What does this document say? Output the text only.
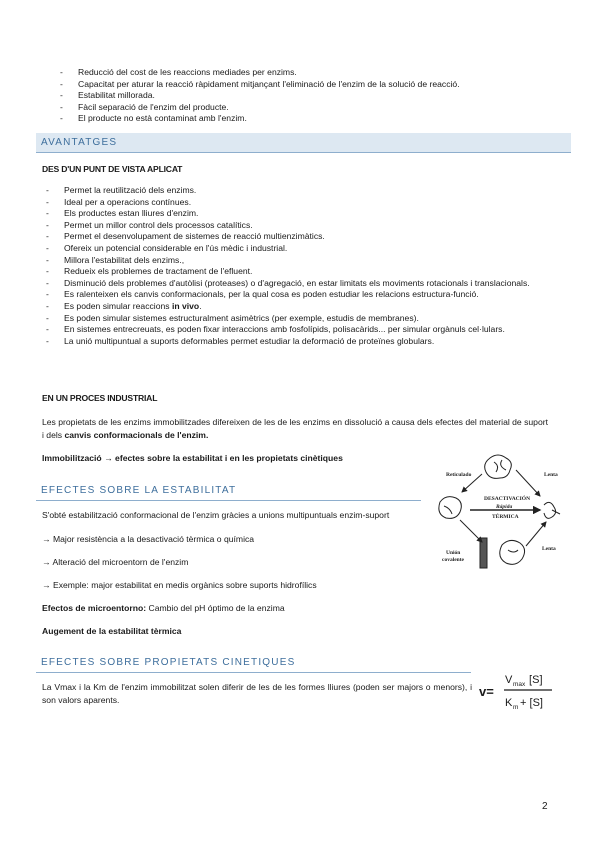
- Reducció del cost de les reaccions mediades per enzims.
- Capacitat per aturar la reacció ràpidament mitjançant l'eliminació de l'enzim de la solució de reacció.
- Estabilitat millorada.
- Fàcil separació de l'enzim del producte.
- El producte no està contaminat amb l'enzim.
AVANTATGES
DES D'UN PUNT DE VISTA APLICAT
- Permet la reutilització dels enzims.
- Ideal per a operacions contínues.
- Els productes estan lliures d'enzim.
- Permet un millor control dels processos catalítics.
- Permet el desenvolupament de sistemes de reacció multienzimàtics.
- Ofereix un potencial considerable en l'ús mèdic i industrial.
- Millora l'estabilitat dels enzims.,
- Redueix els problemes de tractament de l'efluent.
- Disminució dels problemes d'autòlisi (proteases) o d'agregació, en estar limitats els moviments rotacionals i translacionals.
- Es ralenteixen els canvis conformacionals, per la qual cosa es poden estudiar les relacions estructura-funció.
- Es poden simular reaccions in vivo.
- Es poden simular sistemes estructuralment asimètrics (per exemple, estudis de membranes).
- En sistemes entrecreuats, es poden fixar interaccions amb fosfolípids, polisacàrids... per simular orgànuls cel·lulars.
- La unió multipuntual a suports deformables permet estudiar la deformació de proteïnes globulars.
EN UN PROCES INDUSTRIAL
Les propietats de les enzims immobilitzades difereixen de les de les enzims en dissolució a causa dels efectes del material de suport i dels canvis conformacionals de l'enzim.
Immobilització → efectes sobre la estabilitat i en les propietats cinètiques
EFECTES SOBRE LA ESTABILITAT
S'obté estabilització conformacional de l'enzim gràcies a unions multipuntuals enzim-suport
→ Major resistència a la desactivació tèrmica o química
→ Alteració del microentorn de l'enzim
→ Exemple: major estabilitat en medis orgànics sobre suports hidrofílics
Efectos de microentorno: Cambio del pH óptimo de la enzima
Augement de la estabilitat tèrmica
Reticulado	Lenta
DESACTIVACIÓN
Rápida
TÉRMICA
Unión
covalente
Lenta
EFECTES SOBRE PROPIETATS CINETIQUES
La Vmax i la Km de l'enzim immobilitzat solen diferir de les de les formes lliures (poden ser majors o menors), i son valors aparents.
v=
V max [S]
K m
+ [S]
2
